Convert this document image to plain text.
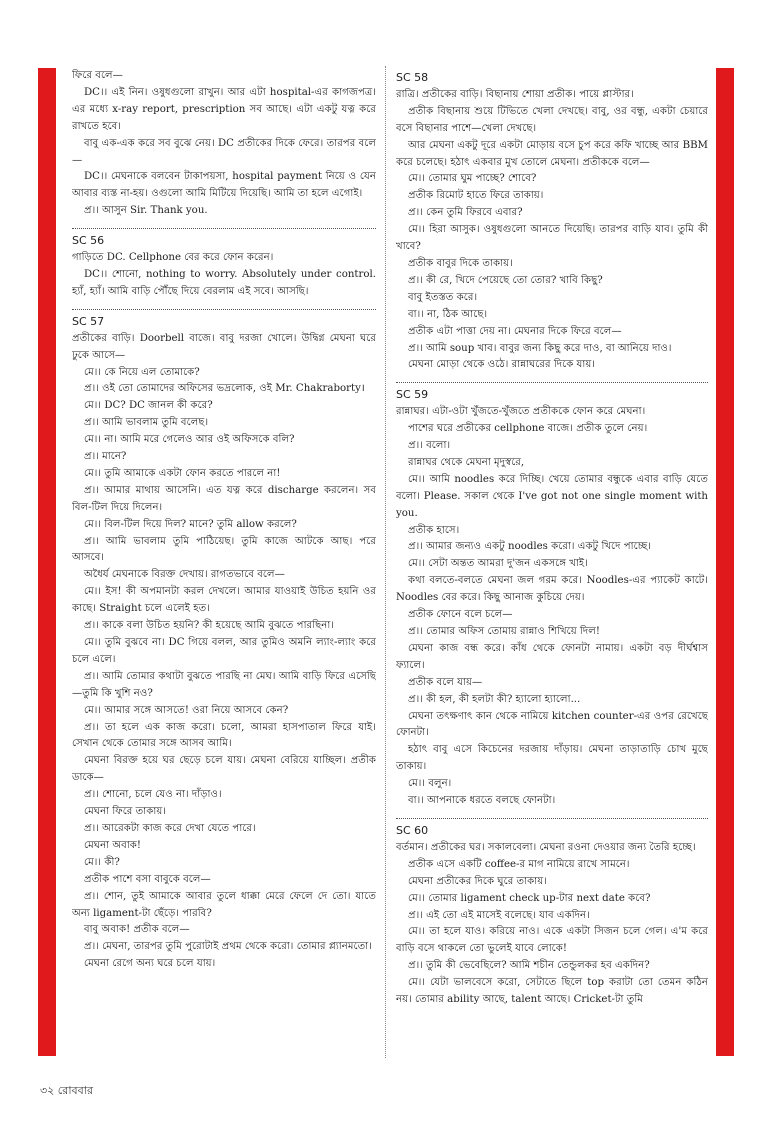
ফিরে বলে—

DC।। এই নিন। ওষুধগুলো রাখুন। আর এটা hospital-এর কাগজপত্র। এর মধ্যে x-ray report, prescription সব আছে। এটা একটু যত্ন করে রাখতে হবে।

বাবু এক-এক করে সব বুঝে নেয়। DC প্রতীকের দিকে ফেরে। তারপর বলে—

DC।। মেঘনাকে বলবেন টাকাপয়সা, hospital payment নিয়ে ও যেন আবার ব্যস্ত না-হয়। ওগুলো আমি মিটিয়ে দিয়েছি। আমি তা হলে এগোই।

প্র।। আসুন Sir. Thank you.

SC 56

গাড়িতে DC. Cellphone বের করে ফোন করেন।

DC।। শোনো, nothing to worry. Absolutely under control. হ্যাঁ, হ্যাঁ। আমি বাড়ি পৌঁছে দিয়ে বেরলাম এই সবে। আসছি।

SC 57

প্রতীকের বাড়ি। Doorbell বাজে। বাবু দরজা খোলে। উদ্বিগ্ন মেঘনা ঘরে ঢুকে আসে—

মে।। কে নিয়ে এল তোমাকে?

প্র।। ওই তো তোমাদের অফিসের ভদ্রলোক, ওই Mr. Chakraborty।

মে।। DC? DC জানল কী করে?

প্র।। আমি ভাবলাম তুমি বলেছ।

মে।। না। আমি মরে গেলেও আর ওই অফিসকে বলি?

প্র।। মানে?

মে।। তুমি আমাকে একটা ফোন করতে পারলে না!

প্র।। আমার মাথায় আসেনি। এত যত্ন করে discharge করলেন। সব বিল-টিল দিয়ে দিলেন।

মে।। বিল-টিল দিয়ে দিল? মানে? তুমি allow করলে?

প্র।। আমি ভাবলাম তুমি পাঠিয়েছ। তুমি কাজে আটকে আছ। পরে আসবে।

অধৈর্য মেঘনাকে বিরক্ত দেখায়। রাগতভাবে বলে—

মে।। ইস! কী অপমানটা করল দেখলে। আমার যাওয়াই উচিত হয়নি ওর কাছে। Straight চলে এলেই হত।

প্র।। কাকে বলা উচিত হয়নি? কী হয়েছে আমি বুঝতে পারছিনা।

মে।। তুমি বুঝবে না। DC গিয়ে বলল, আর তুমিও অমনি ল্যাং-ল্যাং করে চলে এলে।

প্র।। আমি তোমার কথাটা বুঝতে পারছি না মেঘ। আমি বাড়ি ফিরে এসেছি—তুমি কি খুশি নও?

মে।। আমার সঙ্গে আসতে! ওরা নিয়ে আসবে কেন?

প্র।। তা হলে এক কাজ করো। চলো, আমরা হাসপাতাল ফিরে যাই। সেখান থেকে তোমার সঙ্গে আসব আমি।

মেঘনা বিরক্ত হয়ে ঘর ছেড়ে চলে যায়। মেঘনা বেরিয়ে যাচ্ছিল। প্রতীক ডাকে—

প্র।। শোনো, চলে যেও না। দাঁড়াও।

মেঘনা ফিরে তাকায়।

প্র।। আরেকটা কাজ করে দেখা যেতে পারে।

মেঘনা অবাক!

মে।। কী?

প্রতীক পাশে বসা বাবুকে বলে—

প্র।। শোন, তুই আমাকে আবার তুলে ধাক্কা মেরে ফেলে দে তো। যাতে অন্য ligament-টা ছেঁড়ে। পারবি?

বাবু অবাক! প্রতীক বলে—

প্র।। মেঘনা, তারপর তুমি পুরোটাই প্রথম থেকে করো। তোমার প্ল্যানমতো।

মেঘনা রেগে অন্য ঘরে চলে যায়।

SC 58

রাত্রি। প্রতীকের বাড়ি। বিছানায় শোয়া প্রতীক। পায়ে প্লাস্টার।

প্রতীক বিছানায় শুয়ে টিভিতে খেলা দেখছে। বাবু, ওর বন্ধু, একটা চেয়ারে বসে বিছানার পাশে—খেলা দেখছে।

আর মেঘনা একটু দূরে একটা মোড়ায় বসে চুপ করে কফি খাচ্ছে আর BBM করে চলেছে। হঠাৎ একবার মুখ তোলে মেঘনা। প্রতীককে বলে—

মে।। তোমার ঘুম পাচ্ছে? শোবে?

প্রতীক রিমোট হাতে ফিরে তাকায়।

প্র।। কেন তুমি ফিরবে এবার?

মে।। হিরা আসুক। ওষুধগুলো আনতে দিয়েছি। তারপর বাড়ি যাব। তুমি কী খাবে?

প্রতীক বাবুর দিকে তাকায়।

প্র।। কী রে, খিদে পেয়েছে তো তোর? খাবি কিছু?

বাবু ইতস্তত করে।

বা।। না, ঠিক আছে।

প্রতীক এটা পাত্তা দেয় না। মেঘনার দিকে ফিরে বলে—

প্র।। আমি soup খাব। বাবুর জন্য কিছু করে দাও, বা আনিয়ে দাও।

মেঘনা মোড়া থেকে ওঠে। রান্নাঘরের দিকে যায়।

SC 59

রান্নাঘর। এটা-ওটা খুঁজতে-খুঁজতে প্রতীককে ফোন করে মেঘনা।

পাশের ঘরে প্রতীকের cellphone বাজে। প্রতীক তুলে নেয়।

প্র।। বলো।

রান্নাঘর থেকে মেঘনা মৃদুস্বরে,

মে।। আমি noodles করে দিচ্ছি। খেয়ে তোমার বন্ধুকে এবার বাড়ি যেতে বলো। Please. সকাল থেকে I've got not one single moment with you.

প্রতীক হাসে।

প্র।। আমার জন্যও একটু noodles করো। একটু খিদে পাচ্ছে।

মে।। সেটা অন্তত আমরা দু'জন একসঙ্গে খাই।

কথা বলতে-বলতে মেঘনা জল গরম করে। Noodles-এর প্যাকেট কাটে। Noodles বের করে। কিছু আনাজ কুচিয়ে দেয়।

প্রতীক ফোনে বলে চলে—

প্র।। তোমার অফিস তোমায় রান্নাও শিখিয়ে দিল!

মেঘনা কাজ বন্ধ করে। কাঁধ থেকে ফোনটা নামায়। একটা বড় দীর্ঘশ্বাস ফ্যালে।

প্রতীক বলে যায়—

প্র।। কী হল, কী হলটা কী? হ্যালো হ্যালো...

মেঘনা তৎক্ষণাৎ কান থেকে নামিয়ে kitchen counter-এর ওপর রেখেছে ফোনটা।

হঠাৎ বাবু এসে কিচেনের দরজায় দাঁড়ায়। মেঘনা তাড়াতাড়ি চোখ মুছে তাকায়।

মে।। বলুন।

বা।। আপনাকে ধরতে বলছে ফোনটা।

SC 60

বর্তমান। প্রতীকের ঘর। সকালবেলা। মেঘনা রওনা দেওয়ার জন্য তৈরি হচ্ছে।

প্রতীক এসে একটি coffee-র মাগ নামিয়ে রাখে সামনে।

মেঘনা প্রতীকের দিকে ঘুরে তাকায়।

মে।। তোমার ligament check up-টার next date কবে?

প্র।। এই তো এই মাসেই বলেছে। যাব একদিন।

মে।। তা হলে যাও। করিয়ে নাও। একে একটা সিজন চলে গেল। এ'ম করে বাড়ি বসে থাকলে তো ভুলেই যাবে লোকে!

প্র।। তুমি কী ভেবেছিলে? আমি শচীন তেন্ডুলকর হব একদিন?

মে।। যেটা ভালবেসে করো, সেটাতে ছিলে top করাটা তো তেমন কঠিন নয়। তোমার ability আছে, talent আছে। Cricket-টা তুমি

৩২ রোববার
